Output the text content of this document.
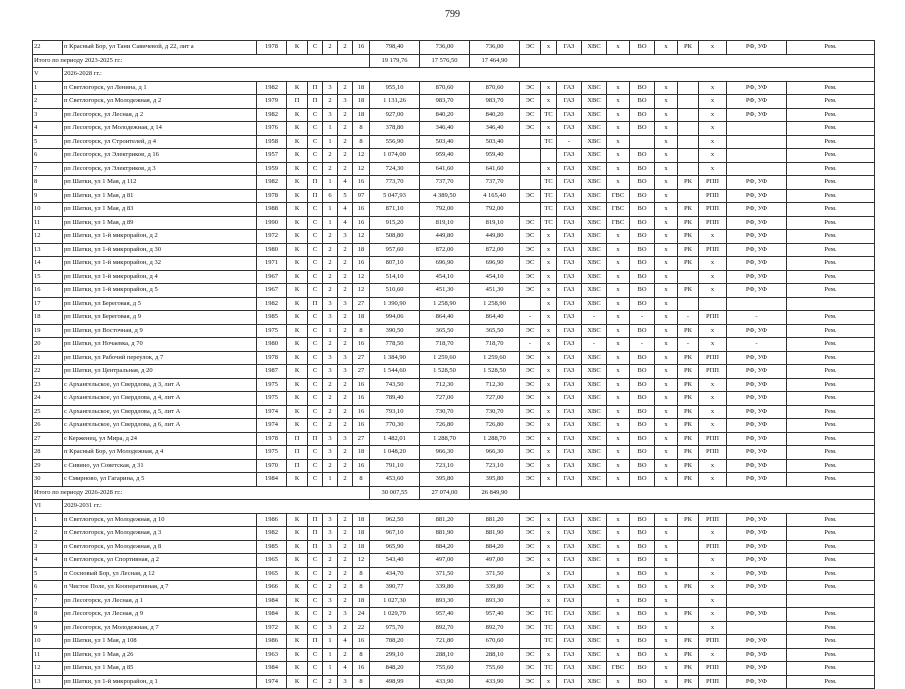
799
22	п Красный Бор, ул Тани Савичевой, д 22, лит а	1978	К	С	2	2	16	798,40	736,00	736,00	ЭС	х	ГАЗ	ХВС	х	ВО	х	РК	х	РФ, УФ	Рем.	
Итого по периоду 2023-2025 гг.:								19 179,76	17 576,50	17 464,90												
V	2026-2028 гг.:																					
1	п Светлогорск, ул Ленина, д 1	1982	К	П	3	2	18	955,10	870,60	870,60	ЭС	х	ГАЗ	ХВС	х	ВО	х		х	РФ, УФ	Рем.	
2	п Светлогорск, ул Молодежная, д 2	1979	П	П	2	3	18	1 131,26	983,70	983,70	ЭС	х	ГАЗ	ХВС	х	ВО	х		х	РФ, УФ	Рем.	
3	рп Лесогорск, ул Лесная, д 2	1982	К	С	3	2	18	927,00	840,20	840,20	ЭС	ТС	ГАЗ	ХВС	х	ВО	х		х	РФ, УФ	Рем.	
4	рп Лесогорск, ул Молодежная, д 14	1976	К	С	1	2	8	378,80	346,40	346,40	ЭС	х	ГАЗ	ХВС	х	ВО	х		х		Рем.	
5	рп Лесогорск, ул Строителей, д 4	1958	К	С	1	2	8	556,90	503,40	503,40		ТС	-	ХВС	х		х		х		Рем.	
6	рп Лесогорск, ул Электриков, д 16	1957	К	С	2	2	12	1 074,00	959,40	959,40			ГАЗ	ХВС	х	ВО	х		х		Рем.	
7	рп Лесогорск, ул Электриков, д 3	1959	К	С	2	2	12	724,30	641,60	641,60		х	ГАЗ	ХВС	х	ВО	х		х		Рем.	
8	рп Шатки, ул 1 Мая, д 112	1982	К	П	1	4	16	773,70	737,70	737,70		ТС	ГАЗ	ХВС	х	ВО	х	РК	РПП	РФ, УФ	Рем.	
9	рп Шатки, ул 1 Мая, д 81	1978	К	П	6	5	97	5 047,93	4 389,50	4 165,40	ЭС	ТС	ГАЗ	ХВС	ГВС	ВО	х		РПП	РФ, УФ	Рем.	
10	рп Шатки, ул 1 Мая, д 83	1988	К	С	1	4	16	871,10	792,00	792,00		ТС	ГАЗ	ХВС	ГВС	ВО	х	РК	РПП	РФ, УФ	Рем.	
11	рп Шатки, ул 1 Мая, д 89	1990	К	С	1	4	16	915,20	819,10	819,10	ЭС	ТС	ГАЗ	ХВС	ГВС	ВО	х	РК	РПП	РФ, УФ	Рем.	
12	рп Шатки, ул 1-й микрорайон, д 2	1972	К	С	2	3	12	508,80	449,80	449,80	ЭС	х	ГАЗ	ХВС	х	ВО	х	РК	х	РФ, УФ	Рем.	
13	рп Шатки, ул 1-й микрорайон, д 30	1980	К	С	2	2	18	957,60	872,00	872,00	ЭС	х	ГАЗ	ХВС	х	ВО	х	РК	РПП	РФ, УФ	Рем.	
14	рп Шатки, ул 1-й микрорайон, д 32	1971	К	С	2	2	16	807,10	696,90	696,90	ЭС	х	ГАЗ	ХВС	х	ВО	х	РК	х	РФ, УФ	Рем.	
15	рп Шатки, ул 1-й микрорайон, д 4	1967	К	С	2	2	12	514,10	454,10	454,10	ЭС	х	ГАЗ	ХВС	х	ВО	х		х	РФ, УФ	Рем.	
16	рп Шатки, ул 1-й микрорайон, д 5	1967	К	С	2	2	12	510,60	451,30	451,30	ЭС	х	ГАЗ	ХВС	х	ВО	х	РК	х	РФ, УФ	Рем.	
17	рп Шатки, ул Береговая, д 5	1982	К	П	3	3	27	1 390,90	1 258,90	1 258,90		х	ГАЗ	ХВС	х	ВО	х					
18	рп Шатки, ул Береговая, д 9	1985	К	С	3	2	18	994,06	864,40	864,40	-	х	ГАЗ	-	х	-	х	-	РПП	-	Рем.	
19	рп Шатки, ул Восточная, д 9	1975	К	С	1	2	8	390,50	365,50	365,50	ЭС	х	ГАЗ	ХВС	х	ВО	х	РК	х	РФ, УФ	Рем.	
20	рп Шатки, ул Ночаевка, д 70	1980	К	С	2	2	16	778,50	718,70	718,70	-	х	ГАЗ	-	х	-	х	-	х	-	Рем.	
21	рп Шатки, ул Рабочий переулок, д 7	1978	К	С	3	3	27	1 384,90	1 259,60	1 259,60	ЭС	х	ГАЗ	ХВС	х	ВО	х	РК	РПП	РФ, УФ	Рем.	
22	рп Шатки, ул Центральная, д 20	1987	К	С	3	3	27	1 544,60	1 528,50	1 528,50	ЭС	х	ГАЗ	ХВС	х	ВО	х	РК	РПП	РФ, УФ	Рем.	
23	с Архангельское, ул Свердлова, д 3, лит А	1975	К	С	2	2	16	743,50	712,30	712,30	ЭС	х	ГАЗ	ХВС	х	ВО	х	РК	х	РФ, УФ	Рем.	
24	с Архангельское, ул Свердлова, д 4, лит А	1975	К	С	2	2	16	789,40	727,00	727,00	ЭС	х	ГАЗ	ХВС	х	ВО	х	РК	х	РФ, УФ	Рем.	
25	с Архангельское, ул Свердлова, д 5, лит А	1974	К	С	2	2	16	793,10	730,70	730,70	ЭС	х	ГАЗ	ХВС	х	ВО	х	РК	х	РФ, УФ	Рем.	
26	с Архангельское, ул Свердлова, д 6, лит А	1974	К	С	2	2	16	770,30	726,80	726,80	ЭС	х	ГАЗ	ХВС	х	ВО	х	РК	х	РФ, УФ	Рем.	
27	с Керженец, ул Мира, д 24	1978	П	П	3	3	27	1 482,01	1 288,70	1 288,70	ЭС	х	ГАЗ	ХВС	х	ВО	х	РК	РПП	РФ, УФ	Рем.	
28	п Красный Бор, ул Молодежная, д 4	1975	П	С	3	2	18	1 048,20	966,30	966,30	ЭС	х	ГАЗ	ХВС	х	ВО	х	РК	РПП	РФ, УФ	Рем.	
29	с Сивино, ул Советская, д 31	1970	П	С	2	2	16	791,10	723,10	723,10	ЭС	х	ГАЗ	ХВС	х	ВО	х	РК	х	РФ, УФ	Рем.	
30	с Смирново, ул Гагарина, д 5	1984	К	С	1	2	8	453,60	395,80	395,80	ЭС	х	ГАЗ	ХВС	х	ВО	х	РК	х	РФ, УФ	Рем.	
Итого по периоду 2026-2028 гг.:								30 007,55	27 074,00	26 849,90												
VI	2029-2031 гг.:																					
1	п Светлогорск, ул Молодежная, д 10	1986	К	П	3	2	18	962,50	881,20	881,20	ЭС	х	ГАЗ	ХВС	х	ВО	х	РК	РПП	РФ, УФ	Рем.	
2	п Светлогорск, ул Молодежная, д 3	1982	К	П	3	2	18	967,10	881,90	881,90	ЭС	х	ГАЗ	ХВС	х	ВО	х		х	РФ, УФ	Рем.	
3	п Светлогорск, ул Молодежная, д 8	1985	К	П	3	2	18	965,90	884,20	884,20	ЭС	х	ГАЗ	ХВС	х	ВО	х		РПП	РФ, УФ	Рем.	
4	п Светлогорск, ул Спортивная, д 2	1965	К	С	2	2	12	543,40	497,00	497,00	ЭС	х	ГАЗ	ХВС	х	ВО	х		х	РФ, УФ	Рем.	
5	п Сосновый Бор, ул Лесная, д 12	1965	К	С	2	2	8	434,70	371,50	371,50		х	ГАЗ		х	ВО	х		х	РФ, УФ	Рем.	
6	п Чистое Поле, ул Кооперативная, д 7	1966	К	С	2	2	8	390,77	339,80	339,80	ЭС	х	ГАЗ	ХВС	х	ВО	х	РК	х	РФ, УФ	Рем.	
7	рп Лесогорск, ул Лесная, д 1	1984	К	С	3	2	18	1 027,30	893,30	893,30		х	ГАЗ		х	ВО	х		х			
8	рп Лесогорск, ул Лесная, д 9	1984	К	С	2	3	24	1 029,70	957,40	957,40	ЭС	ТС	ГАЗ	ХВС	х	ВО	х	РК	х	РФ, УФ	Рем.	
9	рп Лесогорск, ул Молодежная, д 7	1972	К	С	3	2	22	975,70	892,70	892,70	ЭС	ТС	ГАЗ	ХВС	х	ВО	х		х		Рем.	
10	рп Шатки, ул 1 Мая, д 108	1986	К	П	1	4	16	788,20	721,80	670,60		ТС	ГАЗ	ХВС	х	ВО	х	РК	РПП	РФ, УФ	Рем.	
11	рп Шатки, ул 1 Мая, д 26	1963	К	С	1	2	8	299,10	288,10	288,10	ЭС	х	ГАЗ	ХВС	х	ВО	х	РК	х	РФ, УФ	Рем.	
12	рп Шатки, ул 1 Мая, д 85	1984	К	С	1	4	16	848,20	755,60	755,60	ЭС	ТС	ГАЗ	ХВС	ГВС	ВО	х	РК	РПП	РФ, УФ	Рем.	
13	рп Шатки, ул 1-й микрорайон, д 1	1974	К	С	2	3	8	498,99	433,90	433,90	ЭС	х	ГАЗ	ХВС	х	ВО	х	РК	РПП	РФ, УФ	Рем.	
